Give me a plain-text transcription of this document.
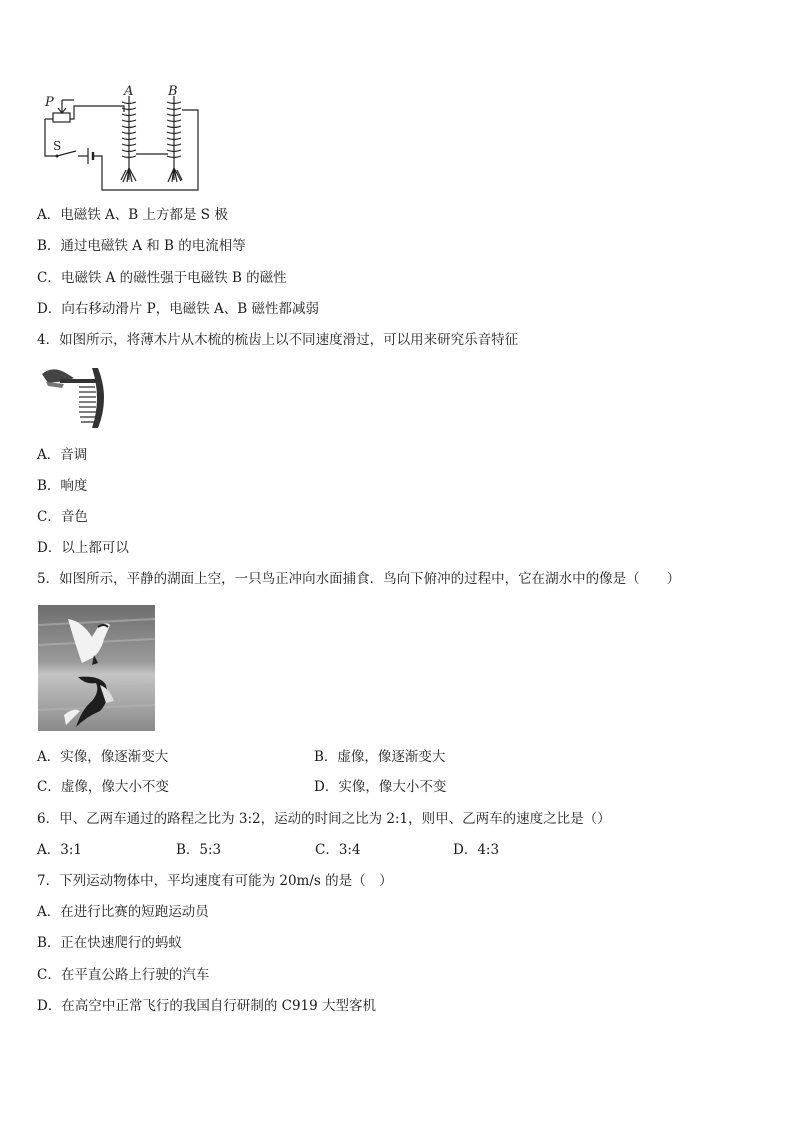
P
A	B
S
A．电磁铁 A、B 上方都是 S 极
B．通过电磁铁 A 和 B 的电流相等
C．电磁铁 A 的磁性强于电磁铁 B 的磁性
D．向右移动滑片 P，电磁铁 A、B 磁性都减弱
4．如图所示，将薄木片从木梳的梳齿上以不同速度滑过，可以用来研究乐音特征
A．音调
B．响度
C．音色
D．以上都可以
5．如图所示，平静的湖面上空，一只鸟正冲向水面捕食．鸟向下俯冲的过程中，它在湖水中的像是（　　）
A．实像，像逐渐变大	B．虚像，像逐渐变大
C．虚像，像大小不变	D．实像，像大小不变
6．甲、乙两车通过的路程之比为 3:2，运动的时间之比为 2:1，则甲、乙两车的速度之比是（）
A．3:1	B．5:3	C．3:4	D．4:3
7．下列运动物体中，平均速度有可能为 20m/s 的是（　）
A．在进行比赛的短跑运动员
B．正在快速爬行的蚂蚁
C．在平直公路上行驶的汽车
D．在高空中正常飞行的我国自行研制的 C919 大型客机
